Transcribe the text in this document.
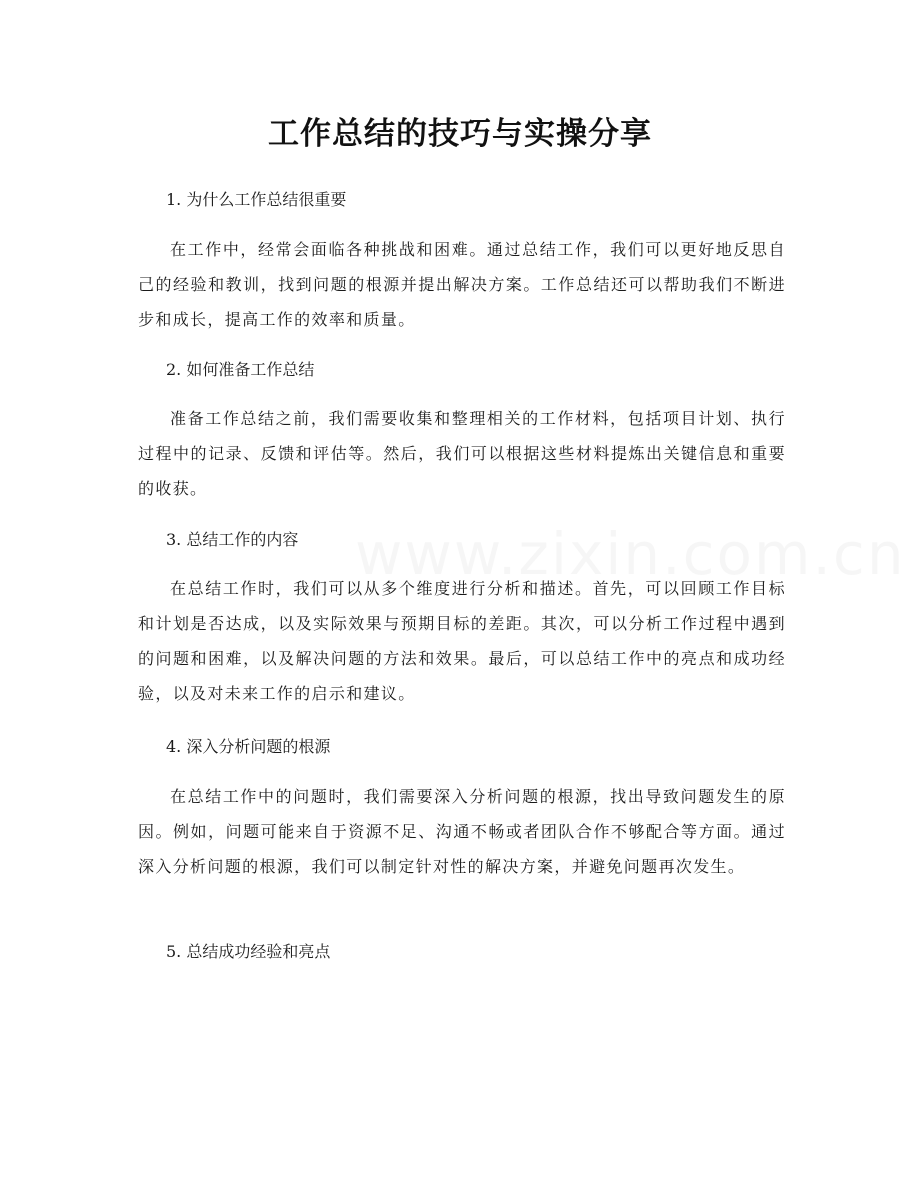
工作总结的技巧与实操分享

1. 为什么工作总结很重要

在工作中，经常会面临各种挑战和困难。通过总结工作，我们可以更好地反思自己的经验和教训，找到问题的根源并提出解决方案。工作总结还可以帮助我们不断进步和成长，提高工作的效率和质量。

2. 如何准备工作总结

准备工作总结之前，我们需要收集和整理相关的工作材料，包括项目计划、执行过程中的记录、反馈和评估等。然后，我们可以根据这些材料提炼出关键信息和重要的收获。

3. 总结工作的内容

在总结工作时，我们可以从多个维度进行分析和描述。首先，可以回顾工作目标和计划是否达成，以及实际效果与预期目标的差距。其次，可以分析工作过程中遇到的问题和困难，以及解决问题的方法和效果。最后，可以总结工作中的亮点和成功经验，以及对未来工作的启示和建议。

4. 深入分析问题的根源

在总结工作中的问题时，我们需要深入分析问题的根源，找出导致问题发生的原因。例如，问题可能来自于资源不足、沟通不畅或者团队合作不够配合等方面。通过深入分析问题的根源，我们可以制定针对性的解决方案，并避免问题再次发生。

5. 总结成功经验和亮点
